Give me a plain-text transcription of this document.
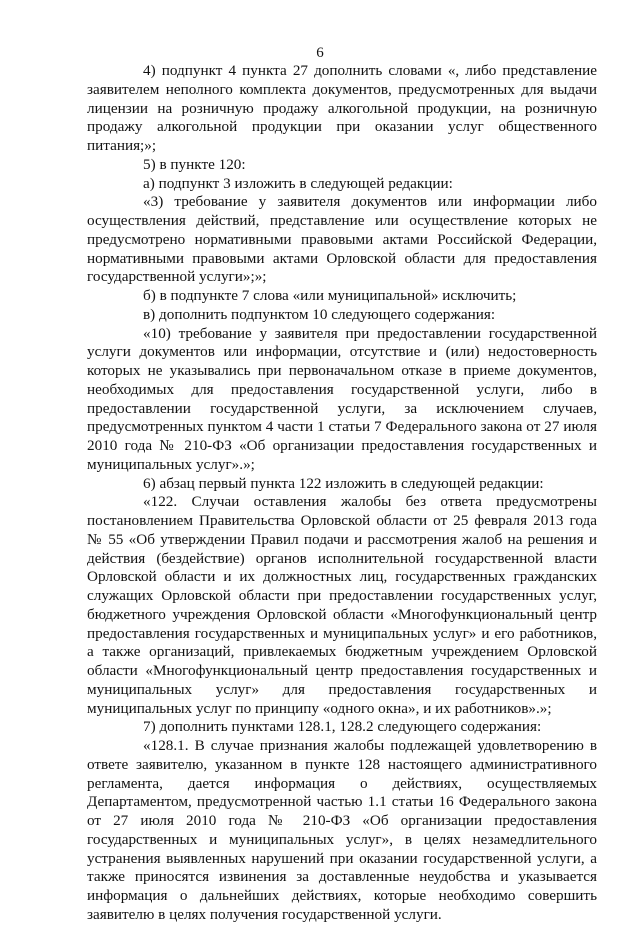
6

4) подпункт 4 пункта 27 дополнить словами «, либо представление заявителем неполного комплекта документов, предусмотренных для выдачи лицензии на розничную продажу алкогольной продукции, на розничную продажу алкогольной продукции при оказании услуг общественного питания;»;

5) в пункте 120:

а) подпункт 3 изложить в следующей редакции:

«3) требование у заявителя документов или информации либо осуществления действий, представление или осуществление которых не предусмотрено нормативными правовыми актами Российской Федерации, нормативными правовыми актами Орловской области для предоставления государственной услуги»;»;

б) в подпункте 7 слова «или муниципальной» исключить;

в) дополнить подпунктом 10 следующего содержания:

«10) требование у заявителя при предоставлении государственной услуги документов или информации, отсутствие и (или) недостоверность которых не указывались при первоначальном отказе в приеме документов, необходимых для предоставления государственной услуги, либо в предоставлении государственной услуги, за исключением случаев, предусмотренных пунктом 4 части 1 статьи 7 Федерального закона от 27 июля 2010 года № 210-ФЗ «Об организации предоставления государственных и муниципальных услуг».»;

6) абзац первый пункта 122 изложить в следующей редакции:

«122. Случаи оставления жалобы без ответа предусмотрены постановлением Правительства Орловской области от 25 февраля 2013 года № 55 «Об утверждении Правил подачи и рассмотрения жалоб на решения и действия (бездействие) органов исполнительной государственной власти Орловской области и их должностных лиц, государственных гражданских служащих Орловской области при предоставлении государственных услуг, бюджетного учреждения Орловской области «Многофункциональный центр предоставления государственных и муниципальных услуг» и его работников, а также организаций, привлекаемых бюджетным учреждением Орловской области «Многофункциональный центр предоставления государственных и муниципальных услуг» для предоставления государственных и муниципальных услуг по принципу «одного окна», и их работников».»;

7) дополнить пунктами 128.1, 128.2 следующего содержания:

«128.1. В случае признания жалобы подлежащей удовлетворению в ответе заявителю, указанном в пункте 128 настоящего административного регламента, дается информация о действиях, осуществляемых Департаментом, предусмотренной частью 1.1 статьи 16 Федерального закона от 27 июля 2010 года № 210-ФЗ «Об организации предоставления государственных и муниципальных услуг», в целях незамедлительного устранения выявленных нарушений при оказании государственной услуги, а также приносятся извинения за доставленные неудобства и указывается информация о дальнейших действиях, которые необходимо совершить заявителю в целях получения государственной услуги.
